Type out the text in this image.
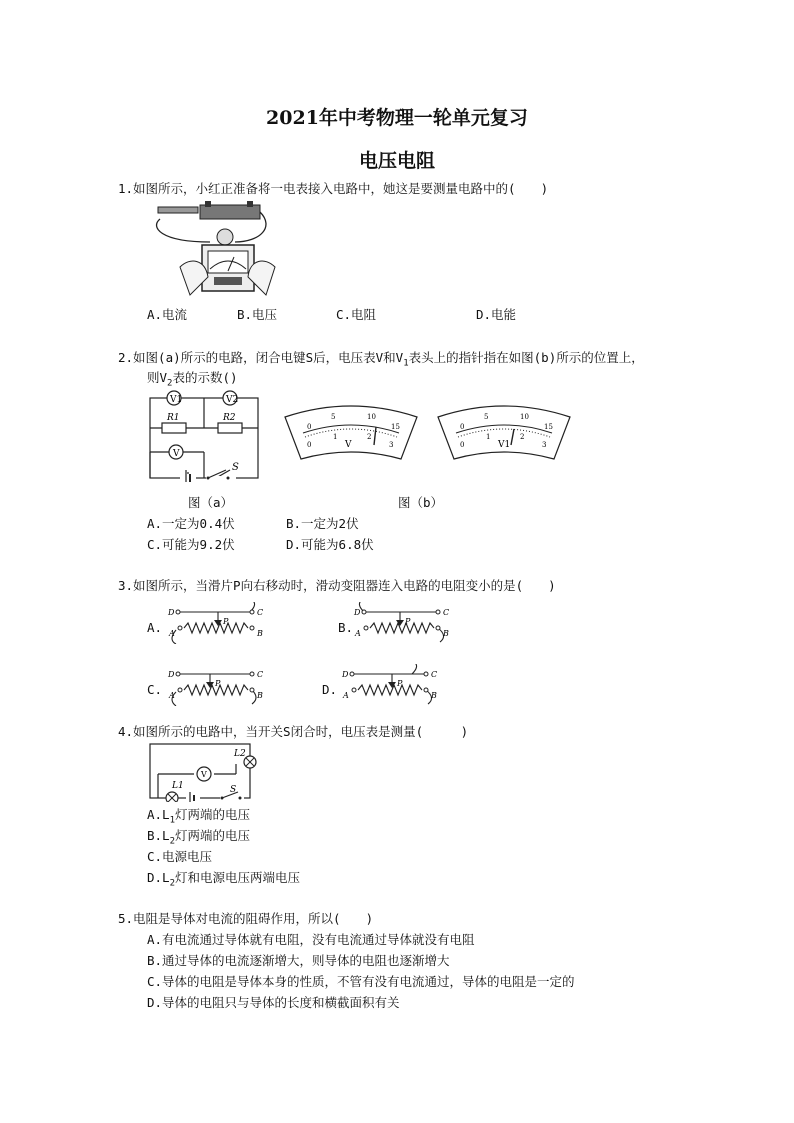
2021年中考物理一轮单元复习
电压电阻
1.如图所示，小红正准备将一电表接入电路中，她这是要测量电路中的(　　)
A.电流	B.电压	C.电阻	D.电能
2.如图(a)所示的电路，闭合电键S后，电压表V和$V_1$表头上的指针指在如图(b)所示的位置上，
则$V_2$表的示数()
V1	V2
R1	R2
V
S
0
5	10
15
0
1	2
3
V
0
5	10
15
0
1	2
3
V1
图（a）	图（b）
A.一定为0.4伏	B.一定为2伏
C.可能为9.2伏	D.可能为6.8伏
3.如图所示，当滑片P向右移动时，滑动变阻器连入电路的电阻变小的是(　　)
A.
D	C
A	B
P	B.
D	C
A	B
P
C.
D	C
A	B
P	D.
D	C
A	B
P
4.如图所示的电路中，当开关S闭合时，电压表是测量(　　　)
V
L2
L1	S
$A.L_1$灯两端的电压
$B.L_2$灯两端的电压
C.电源电压
$D.L_2$灯和电源电压两端电压
5.电阻是导体对电流的阻碍作用，所以(　　)
A.有电流通过导体就有电阻，没有电流通过导体就没有电阻
B.通过导体的电流逐渐增大，则导体的电阻也逐渐增大
C.导体的电阻是导体本身的性质，不管有没有电流通过，导体的电阻是一定的
D.导体的电阻只与导体的长度和横截面积有关
